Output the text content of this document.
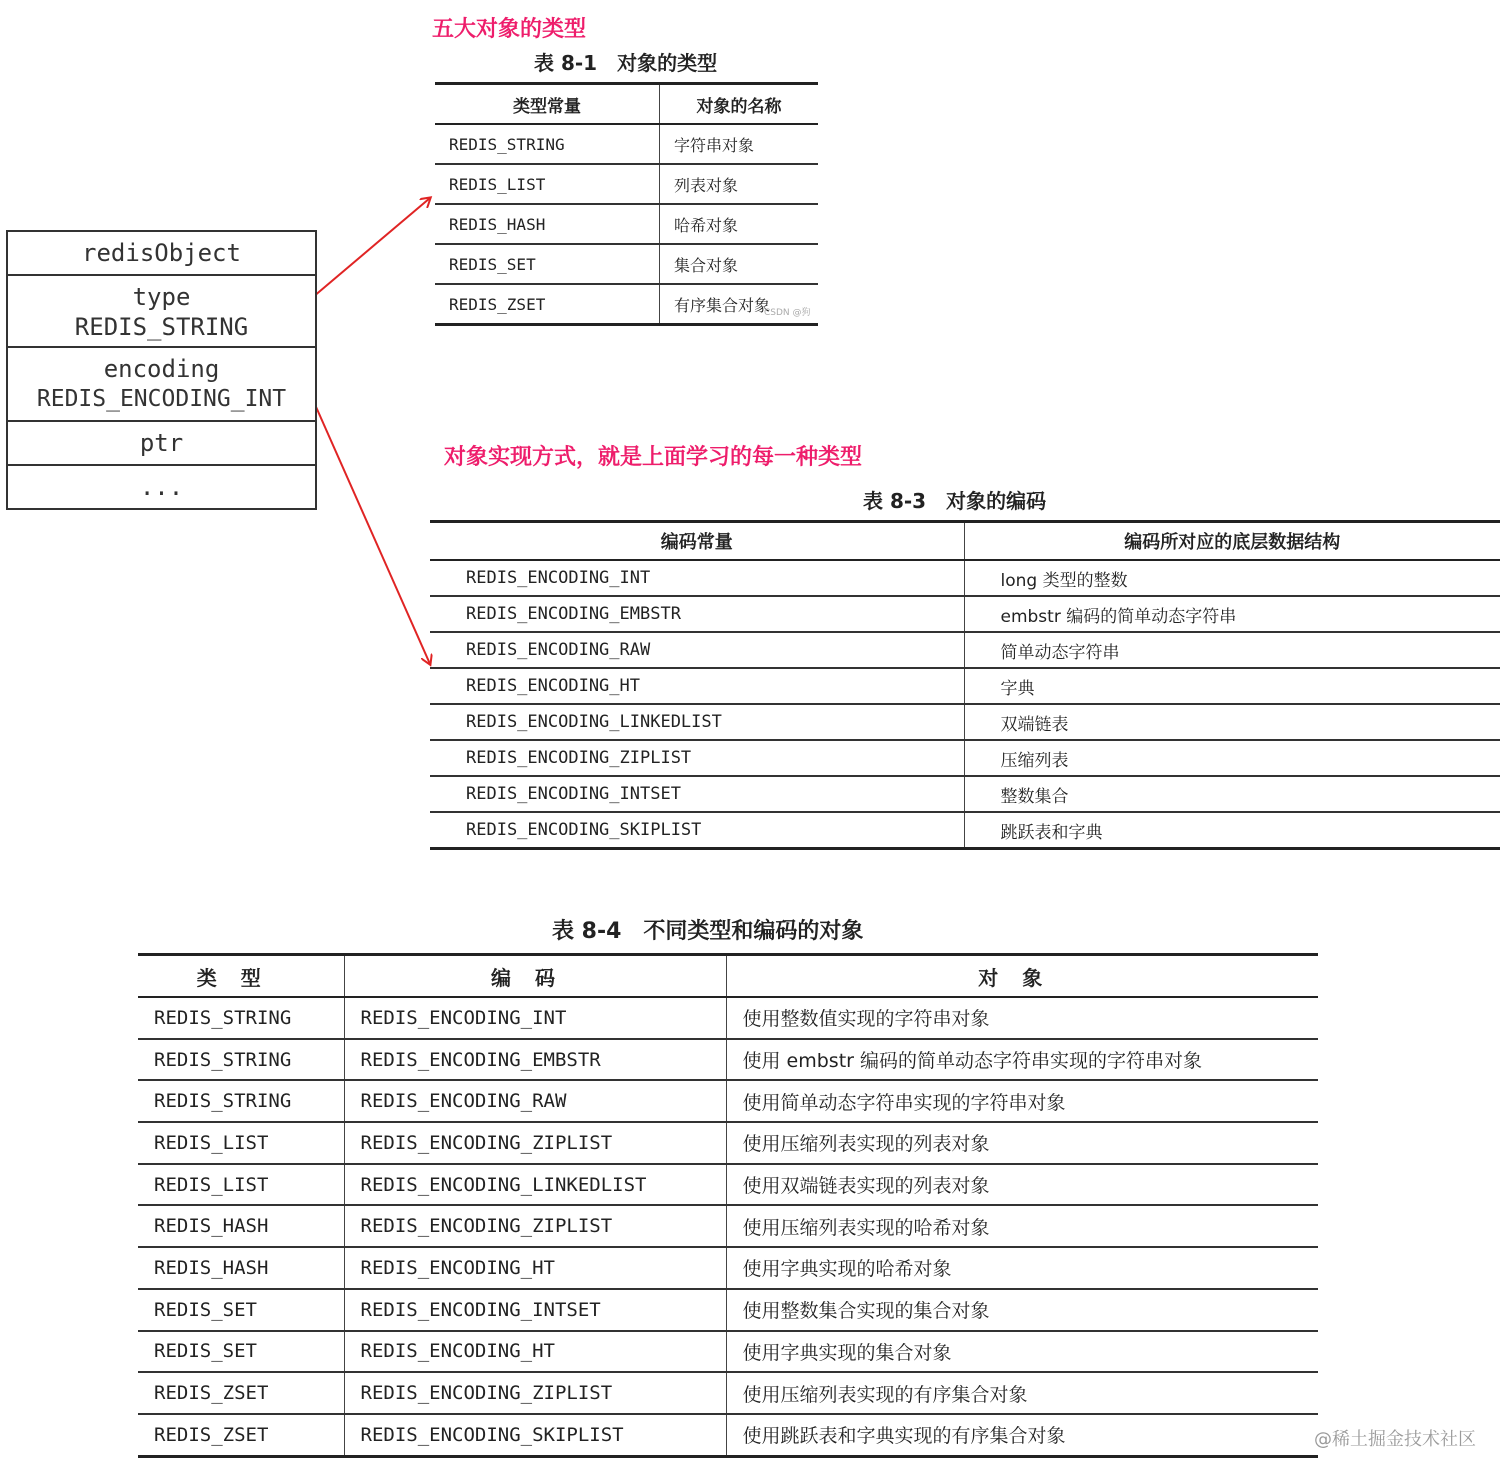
redisObject
type
REDIS_STRING
encoding
REDIS_ENCODING_INT
ptr
...
五大对象的类型
对象实现方式，就是上面学习的每一种类型
表 8-1　对象的类型
类型常量	对象的名称
REDIS_STRING	字符串对象
REDIS_LIST	列表对象
REDIS_HASH	哈希对象
REDIS_SET	集合对象
REDIS_ZSET	有序集合对象
CSDN @狗
表 8-3　对象的编码
编码常量	编码所对应的底层数据结构
REDIS_ENCODING_INT	long 类型的整数
REDIS_ENCODING_EMBSTR	embstr 编码的简单动态字符串
REDIS_ENCODING_RAW	简单动态字符串
REDIS_ENCODING_HT	字典
REDIS_ENCODING_LINKEDLIST	双端链表
REDIS_ENCODING_ZIPLIST	压缩列表
REDIS_ENCODING_INTSET	整数集合
REDIS_ENCODING_SKIPLIST	跳跃表和字典
表 8-4　不同类型和编码的对象
类型	编码	对象
REDIS_STRING	REDIS_ENCODING_INT	使用整数值实现的字符串对象
REDIS_STRING	REDIS_ENCODING_EMBSTR	使用 embstr 编码的简单动态字符串实现的字符串对象
REDIS_STRING	REDIS_ENCODING_RAW	使用简单动态字符串实现的字符串对象
REDIS_LIST	REDIS_ENCODING_ZIPLIST	使用压缩列表实现的列表对象
REDIS_LIST	REDIS_ENCODING_LINKEDLIST	使用双端链表实现的列表对象
REDIS_HASH	REDIS_ENCODING_ZIPLIST	使用压缩列表实现的哈希对象
REDIS_HASH	REDIS_ENCODING_HT	使用字典实现的哈希对象
REDIS_SET	REDIS_ENCODING_INTSET	使用整数集合实现的集合对象
REDIS_SET	REDIS_ENCODING_HT	使用字典实现的集合对象
REDIS_ZSET	REDIS_ENCODING_ZIPLIST	使用压缩列表实现的有序集合对象
REDIS_ZSET	REDIS_ENCODING_SKIPLIST	使用跳跃表和字典实现的有序集合对象	@稀土掘金技术社区
